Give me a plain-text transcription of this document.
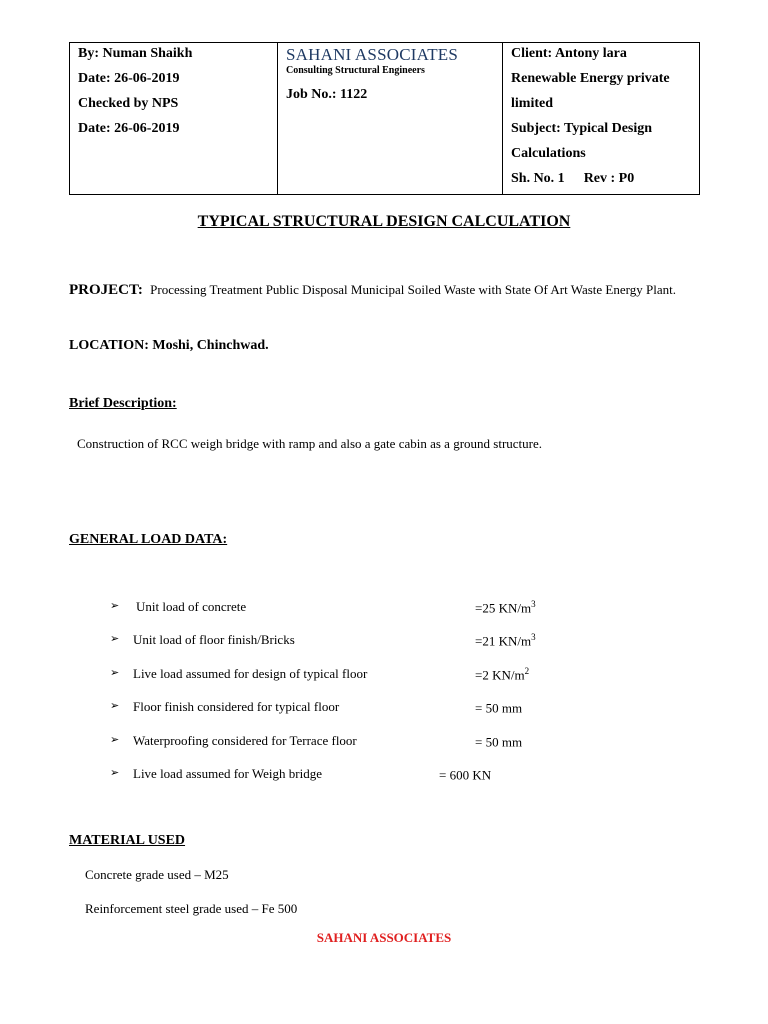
By: Numan Shaikh
Date: 26-06-2019
Checked by NPS
Date: 26-06-2019
SAHANI ASSOCIATES
Consulting Structural Engineers
Job No.: 1122
Client: Antony lara
Renewable Energy private
limited
Subject: Typical Design
Calculations
Sh. No. 1 Rev : P0
TYPICAL STRUCTURAL DESIGN CALCULATION
PROJECT: Processing Treatment Public Disposal Municipal Soiled Waste with State Of Art Waste Energy Plant.
LOCATION: Moshi, Chinchwad.
Brief Description:
Construction of RCC weigh bridge with ramp and also a gate cabin as a ground structure.
GENERAL LOAD DATA:
➢ Unit load of concrete	=25 $KN/m^3$
➢ Unit load of floor finish/Bricks	=21 $KN/m^3$
➢ Live load assumed for design of typical floor	=2 $KN/m^2$
➢ Floor finish considered for typical floor	= 50 mm
➢ Waterproofing considered for Terrace floor	= 50 mm
➢ Live load assumed for Weigh bridge	= 600 KN
MATERIAL USED
Concrete grade used – M25
Reinforcement steel grade used – Fe 500
SAHANI ASSOCIATES
